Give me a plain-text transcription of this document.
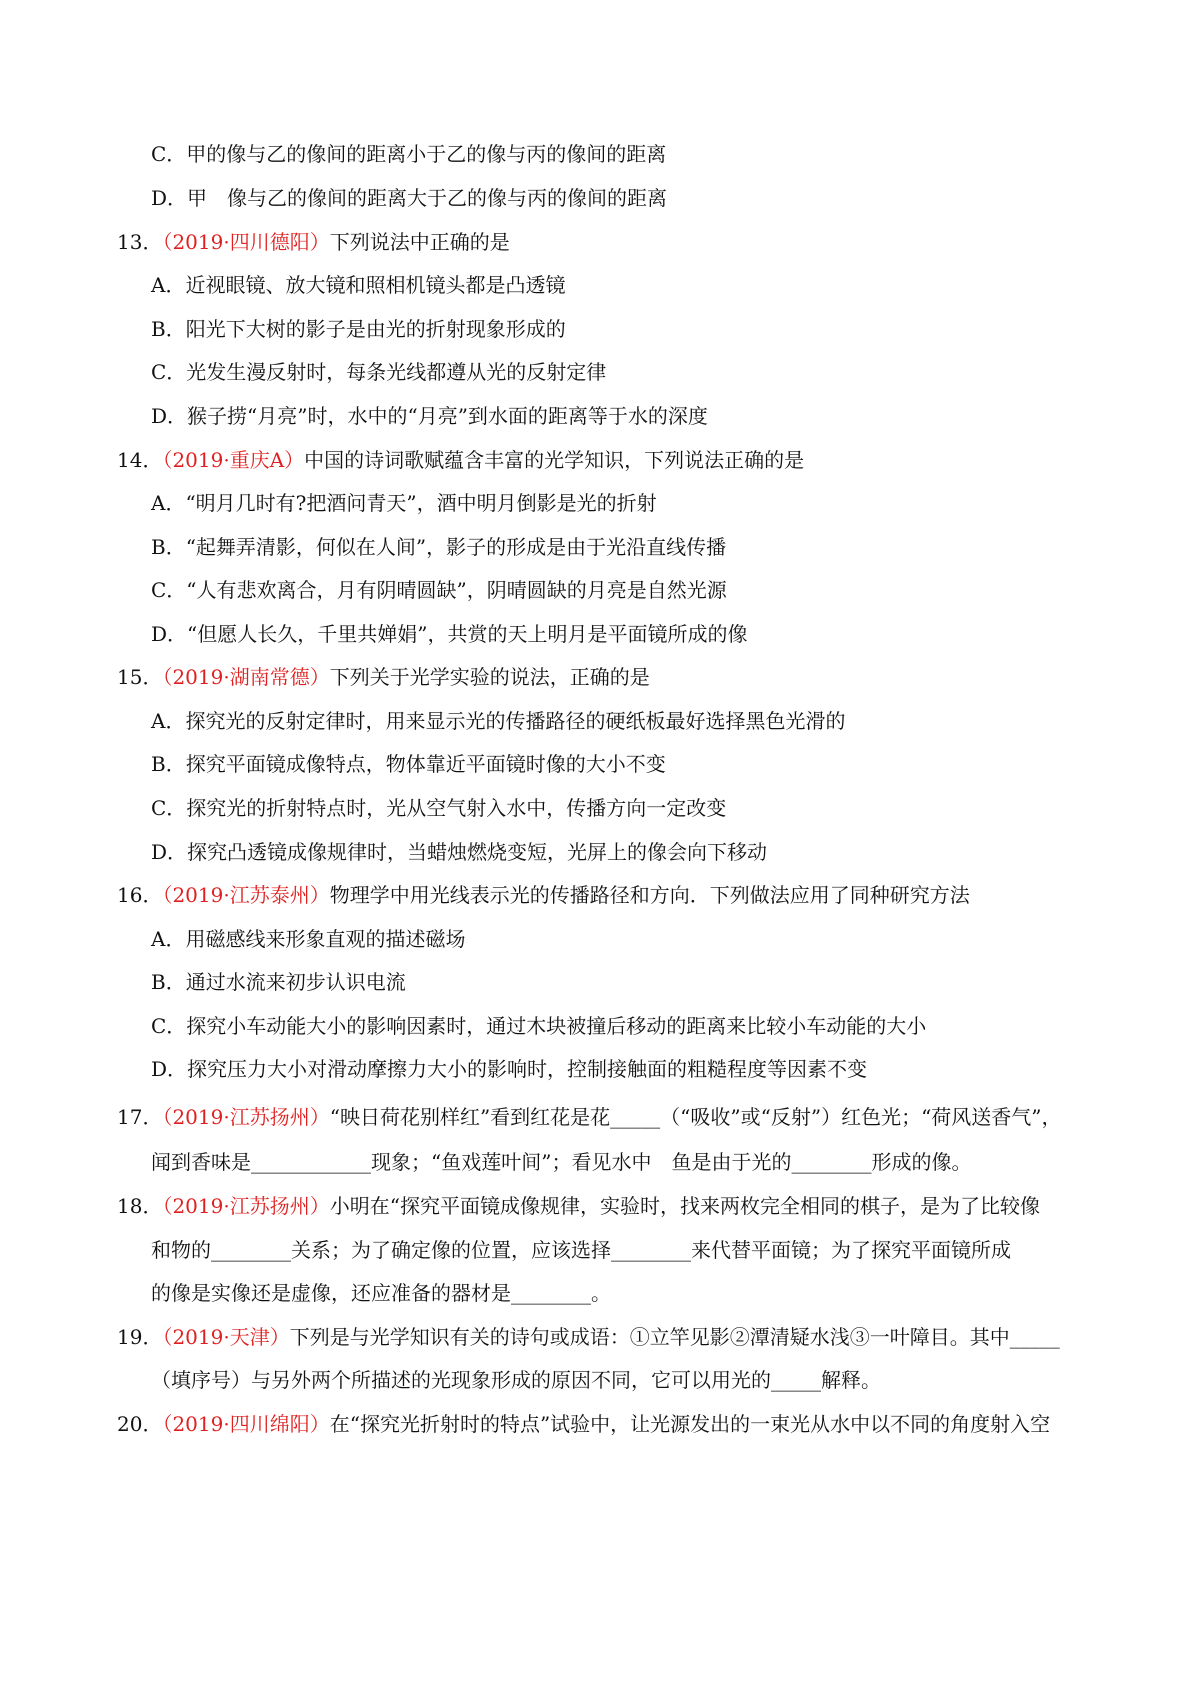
C．甲的像与乙的像间的距离小于乙的像与丙的像间的距离
D．甲　像与乙的像间的距离大于乙的像与丙的像间的距离
13．（2019·四川德阳）下列说法中正确的是
A．近视眼镜、放大镜和照相机镜头都是凸透镜
B．阳光下大树的影子是由光的折射现象形成的
C．光发生漫反射时，每条光线都遵从光的反射定律
D．猴子捞“月亮”时，水中的“月亮”到水面的距离等于水的深度
14．（2019·重庆A）中国的诗词歌赋蕴含丰富的光学知识，下列说法正确的是
A．“明月几时有?把酒问青天”，酒中明月倒影是光的折射
B．“起舞弄清影，何似在人间”，影子的形成是由于光沿直线传播
C．“人有悲欢离合，月有阴晴圆缺”，阴晴圆缺的月亮是自然光源
D．“但愿人长久，千里共婵娟”，共赏的天上明月是平面镜所成的像
15．（2019·湖南常德）下列关于光学实验的说法，正确的是
A．探究光的反射定律时，用来显示光的传播路径的硬纸板最好选择黑色光滑的
B．探究平面镜成像特点，物体靠近平面镜时像的大小不变
C．探究光的折射特点时，光从空气射入水中，传播方向一定改变
D．探究凸透镜成像规律时，当蜡烛燃烧变短，光屏上的像会向下移动
16．（2019·江苏泰州）物理学中用光线表示光的传播路径和方向．下列做法应用了同种研究方法
A．用磁感线来形象直观的描述磁场
B．通过水流来初步认识电流
C．探究小车动能大小的影响因素时，通过木块被撞后移动的距离来比较小车动能的大小
D．探究压力大小对滑动摩擦力大小的影响时，控制接触面的粗糙程度等因素不变
17．（2019·江苏扬州）“映日荷花别样红”看到红花是花_____（“吸收”或“反射”）红色光；“荷风送香气”，
闻到香味是____________现象；“鱼戏莲叶间”；看见水中　鱼是由于光的________形成的像。
18．（2019·江苏扬州）小明在“探究平面镜成像规律，实验时，找来两枚完全相同的棋子，是为了比较像
和物的________关系；为了确定像的位置，应该选择________来代替平面镜；为了探究平面镜所成
的像是实像还是虚像，还应准备的器材是________。
19．（2019·天津）下列是与光学知识有关的诗句或成语：①立竿见影②潭清疑水浅③一叶障目。其中_____
（填序号）与另外两个所描述的光现象形成的原因不同，它可以用光的_____解释。
20．（2019·四川绵阳）在“探究光折射时的特点”试验中，让光源发出的一束光从水中以不同的角度射入空
